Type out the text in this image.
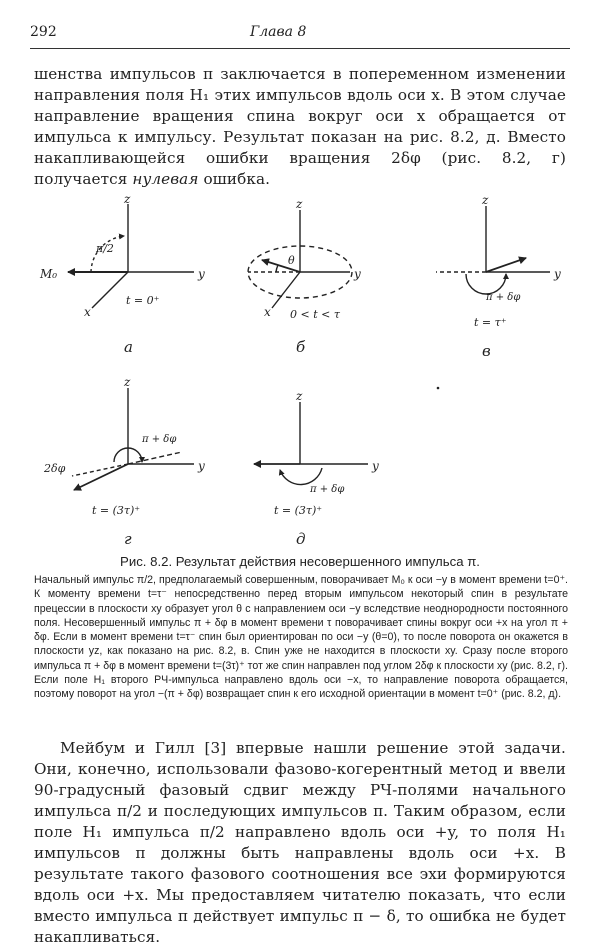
292	Глава 8
шенства импульсов π заключается в попеременном изменении направления поля H₁ этих импульсов вдоль оси x. В этом случае направление вращения спина вокруг оси x обращается от импульса к импульсу. Результат показан на рис. 8.2, д. Вместо накапливающейся ошибки вращения 2δφ (рис. 8.2, г) получается нулевая ошибка.
z
y
x
π/2
M₀
t = 0⁺
а
z
y
x
θ
0 < t < τ
б
z
y
π + δφ
t = τ⁺
в
z
y
π + δφ
2δφ
t = (3τ)⁺
г
z
y
π + δφ
t = (3τ)⁺
д
Рис. 8.2. Результат действия несовершенного импульса π.
Начальный импульс π/2, предполагаемый совершенным, поворачивает M₀ к оси −y в момент времени t=0⁺. К моменту времени t=τ⁻ непосредственно перед вторым импульсом некоторый спин в результате прецессии в плоскости xy образует угол θ с направлением оси −y вследствие неоднородности постоянного поля. Несовершенный импульс π + δφ в момент времени τ поворачивает спины вокруг оси +x на угол π + δφ. Если в момент времени t=τ⁻ спин был ориентирован по оси −y (θ=0), то после поворота он окажется в плоскости yz, как показано на рис. 8.2, в. Спин уже не находится в плоскости xy. Сразу после второго импульса π + δφ в момент времени t=(3τ)⁺ тот же спин направлен под углом 2δφ к плоскости xy (рис. 8.2, г). Если поле H₁ второго РЧ-импульса направлено вдоль оси −x, то направление поворота обращается, поэтому поворот на угол −(π + δφ) возвращает спин к его исходной ориентации в момент t=0⁺ (рис. 8.2, д).
Мейбум и Гилл [3] впервые нашли решение этой задачи. Они, конечно, использовали фазово-когерентный метод и ввели 90-градусный фазовый сдвиг между РЧ-полями начального импульса π/2 и последующих импульсов π. Таким образом, если поле H₁ импульса π/2 направлено вдоль оси +y, то поля H₁ импульсов π должны быть направлены вдоль оси +x. В результате такого фазового соотношения все эхи формируются вдоль оси +x. Мы предоставляем читателю показать, что если вместо импульса π действует импульс π − δ, то ошибка не будет накапливаться.
